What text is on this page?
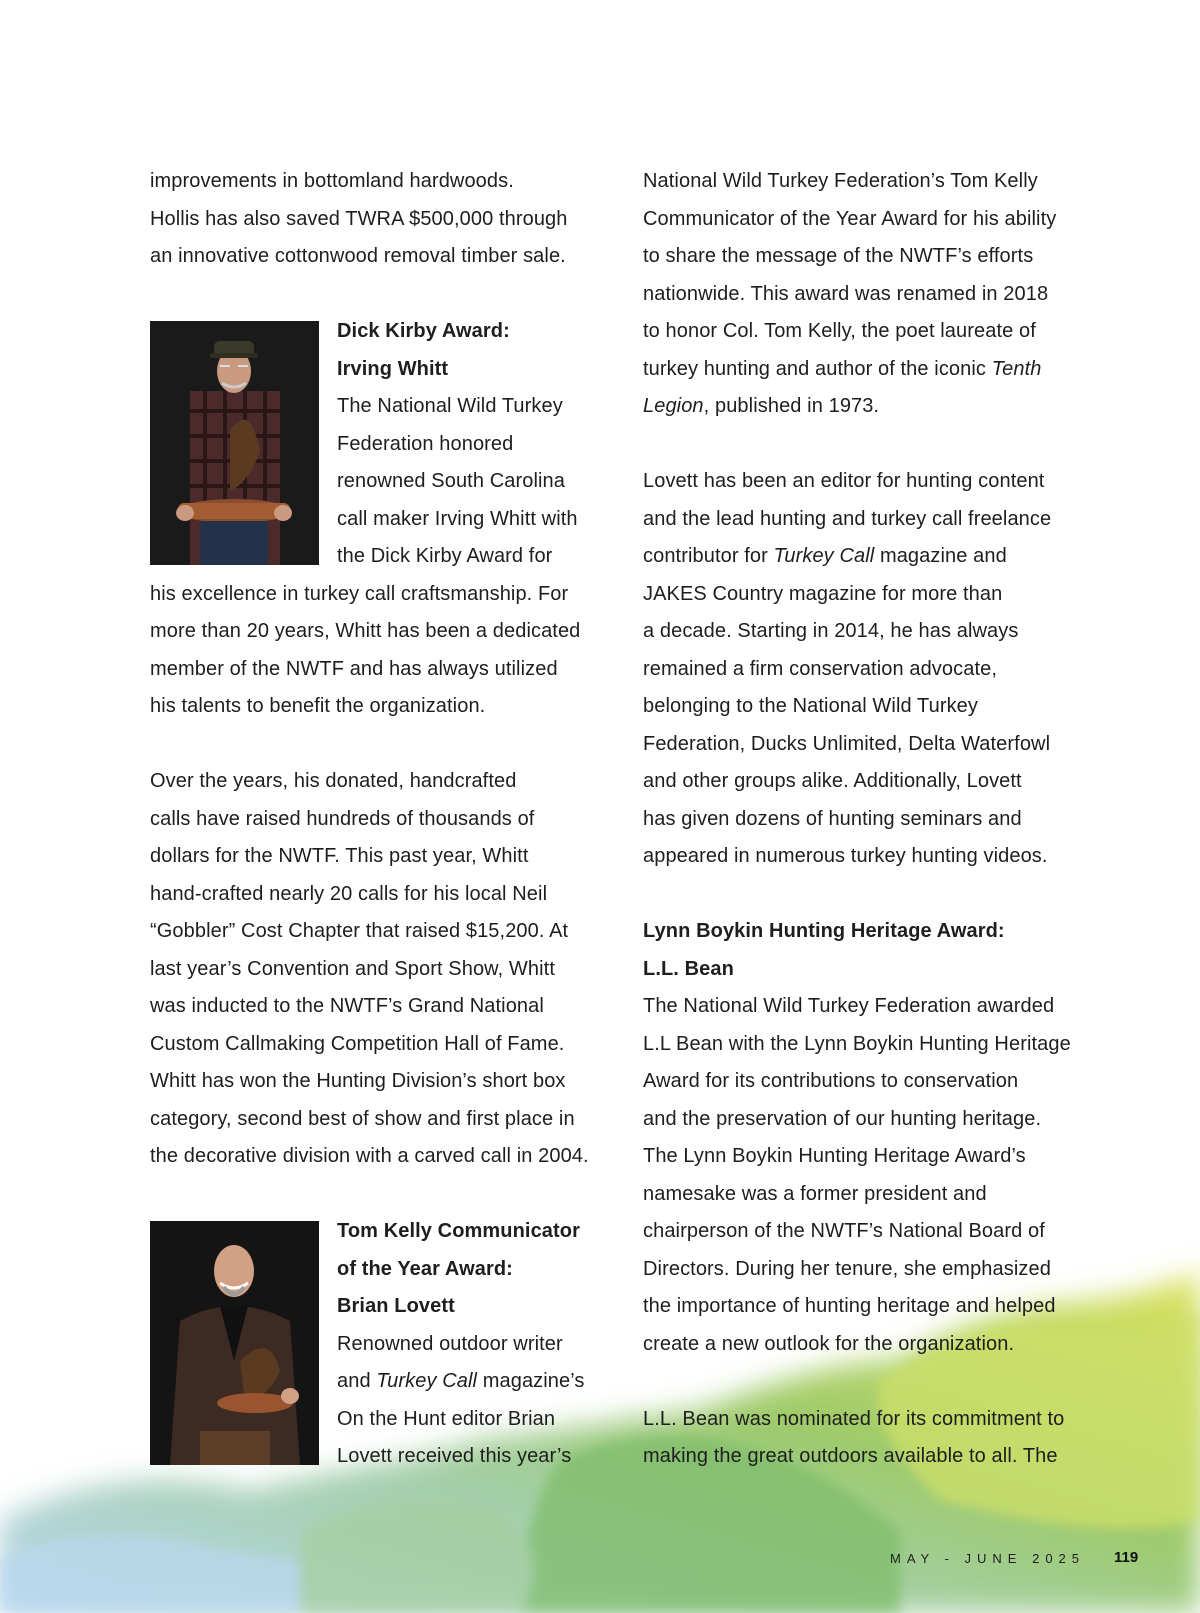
improvements in bottomland hardwoods.

Hollis has also saved TWRA $500,000 through

an innovative cottonwood removal timber sale.

Dick Kirby Award:

Irving Whitt

The National Wild Turkey

Federation honored

renowned South Carolina

call maker Irving Whitt with

the Dick Kirby Award for

his excellence in turkey call craftsmanship. For

more than 20 years, Whitt has been a dedicated

member of the NWTF and has always utilized

his talents to benefit the organization.

Over the years, his donated, handcrafted

calls have raised hundreds of thousands of

dollars for the NWTF. This past year, Whitt

hand-crafted nearly 20 calls for his local Neil

“Gobbler” Cost Chapter that raised $15,200. At

last year’s Convention and Sport Show, Whitt

was inducted to the NWTF’s Grand National

Custom Callmaking Competition Hall of Fame.

Whitt has won the Hunting Division’s short box

category, second best of show and first place in

the decorative division with a carved call in 2004.

Tom Kelly Communicator

of the Year Award:

Brian Lovett

Renowned outdoor writer

and Turkey Call magazine’s

On the Hunt editor Brian

Lovett received this year’s

National Wild Turkey Federation’s Tom Kelly

Communicator of the Year Award for his ability

to share the message of the NWTF’s efforts

nationwide. This award was renamed in 2018

to honor Col. Tom Kelly, the poet laureate of

turkey hunting and author of the iconic Tenth

Legion, published in 1973.

Lovett has been an editor for hunting content

and the lead hunting and turkey call freelance

contributor for Turkey Call magazine and

JAKES Country magazine for more than

a decade. Starting in 2014, he has always

remained a firm conservation advocate,

belonging to the National Wild Turkey

Federation, Ducks Unlimited, Delta Waterfowl

and other groups alike. Additionally, Lovett

has given dozens of hunting seminars and

appeared in numerous turkey hunting videos.

Lynn Boykin Hunting Heritage Award:

L.L. Bean

The National Wild Turkey Federation awarded

L.L Bean with the Lynn Boykin Hunting Heritage

Award for its contributions to conservation

and the preservation of our hunting heritage.

The Lynn Boykin Hunting Heritage Award’s

namesake was a former president and

chairperson of the NWTF’s National Board of

Directors. During her tenure, she emphasized

the importance of hunting heritage and helped

create a new outlook for the organization.

L.L. Bean was nominated for its commitment to

making the great outdoors available to all. The

MAY - JUNE 2025 119
